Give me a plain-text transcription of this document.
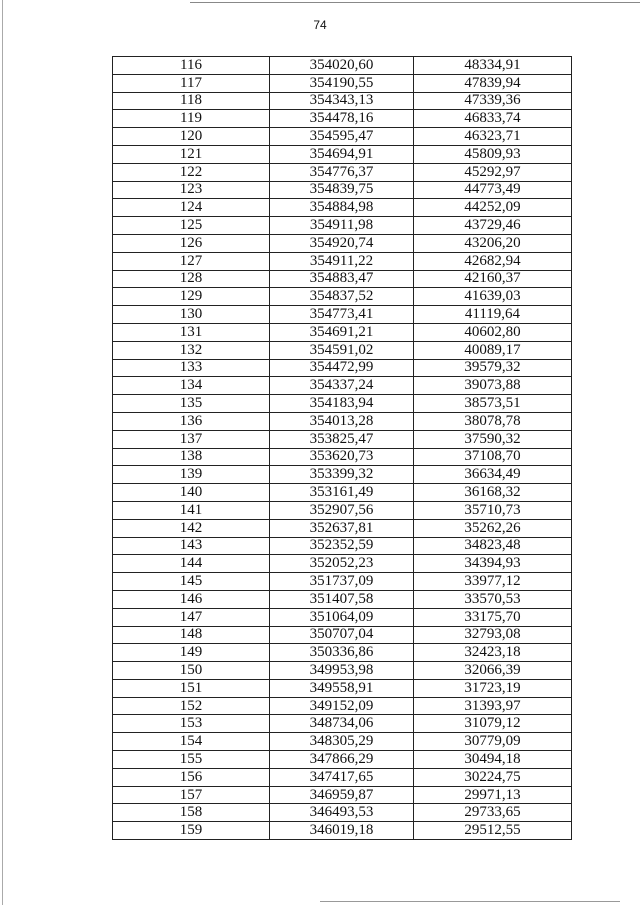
74
116	354020,60	48334,91
117	354190,55	47839,94
118	354343,13	47339,36
119	354478,16	46833,74
120	354595,47	46323,71
121	354694,91	45809,93
122	354776,37	45292,97
123	354839,75	44773,49
124	354884,98	44252,09
125	354911,98	43729,46
126	354920,74	43206,20
127	354911,22	42682,94
128	354883,47	42160,37
129	354837,52	41639,03
130	354773,41	41119,64
131	354691,21	40602,80
132	354591,02	40089,17
133	354472,99	39579,32
134	354337,24	39073,88
135	354183,94	38573,51
136	354013,28	38078,78
137	353825,47	37590,32
138	353620,73	37108,70
139	353399,32	36634,49
140	353161,49	36168,32
141	352907,56	35710,73
142	352637,81	35262,26
143	352352,59	34823,48
144	352052,23	34394,93
145	351737,09	33977,12
146	351407,58	33570,53
147	351064,09	33175,70
148	350707,04	32793,08
149	350336,86	32423,18
150	349953,98	32066,39
151	349558,91	31723,19
152	349152,09	31393,97
153	348734,06	31079,12
154	348305,29	30779,09
155	347866,29	30494,18
156	347417,65	30224,75
157	346959,87	29971,13
158	346493,53	29733,65
159	346019,18	29512,55
